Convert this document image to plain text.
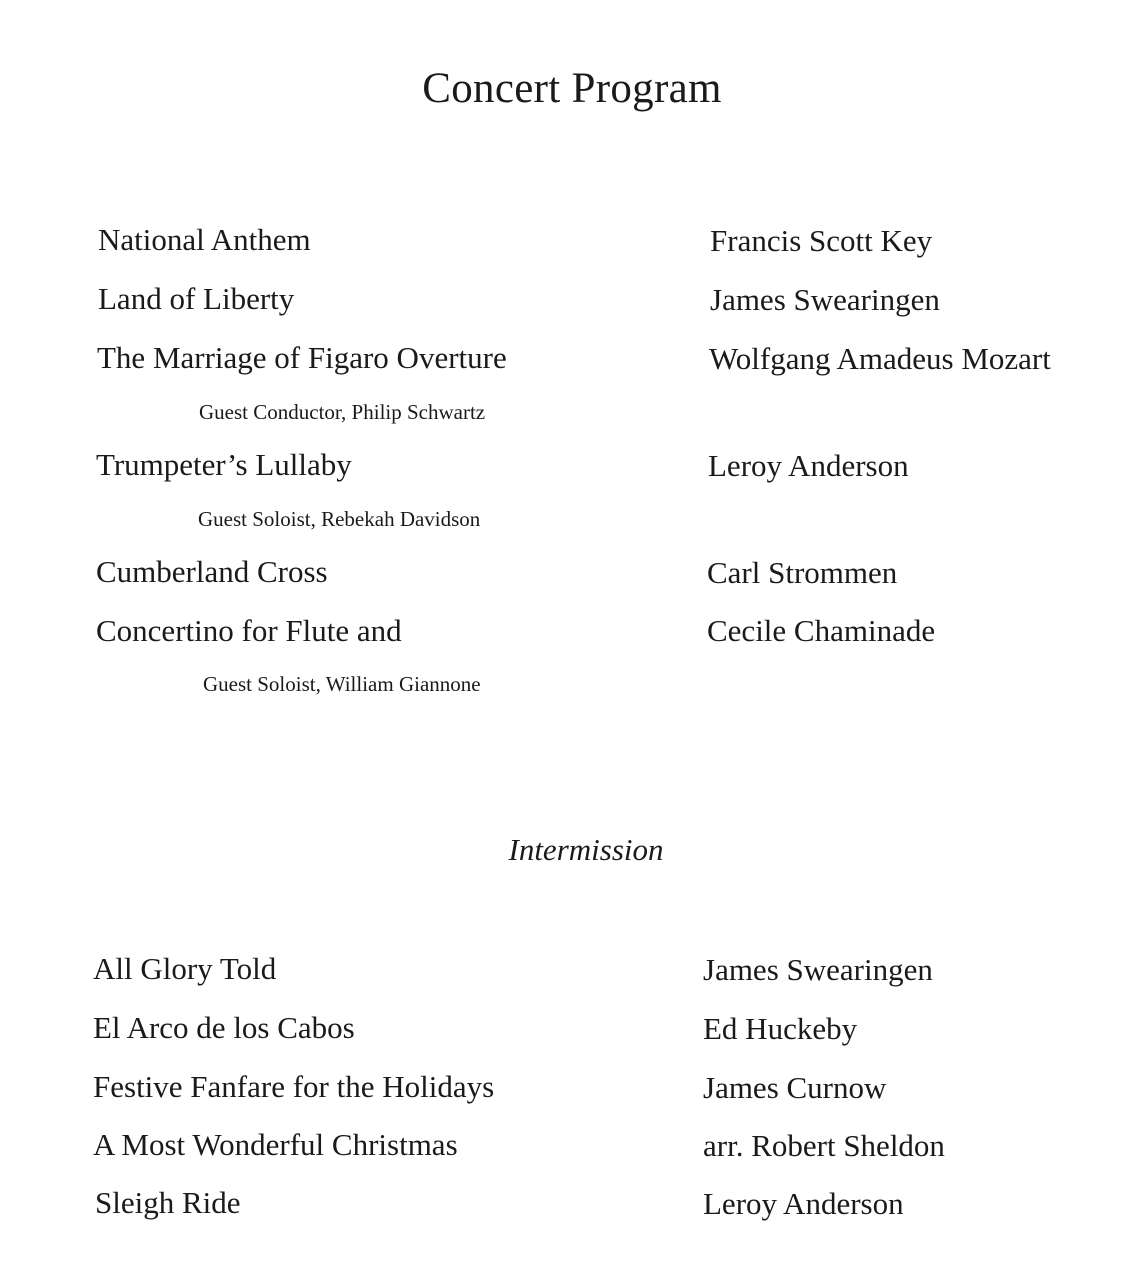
Concert Program
National Anthem	Francis Scott Key
Land of Liberty	James Swearingen
The Marriage of Figaro Overture	Wolfgang Amadeus Mozart
Guest Conductor, Philip Schwartz
Trumpeter’s Lullaby	Leroy Anderson
Guest Soloist, Rebekah Davidson
Cumberland Cross	Carl Strommen
Concertino for Flute and	Cecile Chaminade
Guest Soloist, William Giannone
Intermission
All Glory Told	James Swearingen
El Arco de los Cabos	Ed Huckeby
Festive Fanfare for the Holidays	James Curnow
A Most Wonderful Christmas	arr. Robert Sheldon
Sleigh Ride	Leroy Anderson
